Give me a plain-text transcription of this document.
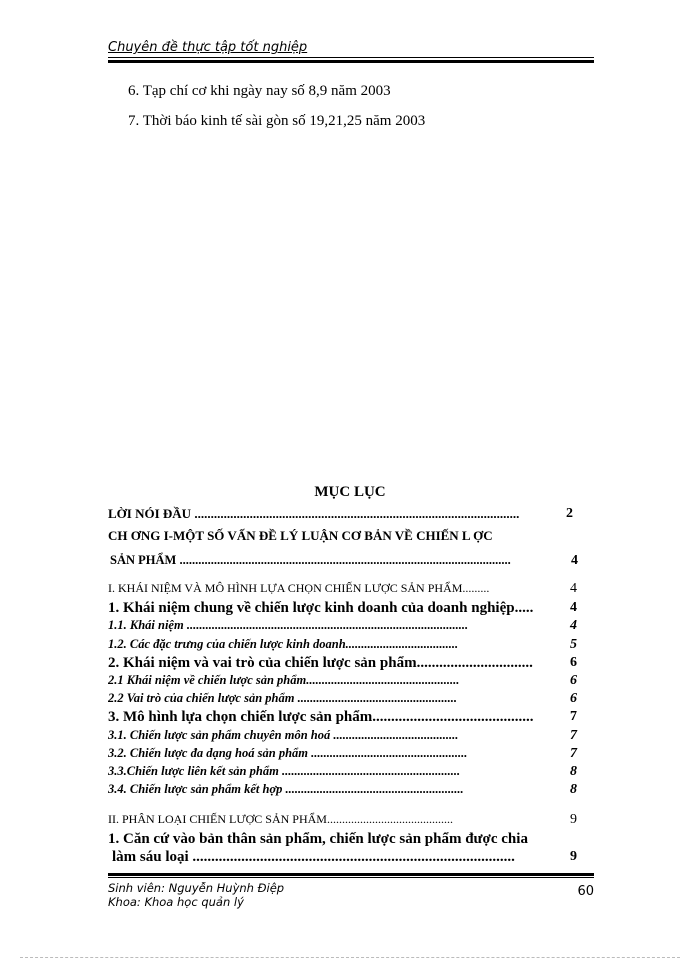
Chuyên đề thực tập tốt nghiệp
6. Tạp chí cơ khi ngày nay số 8,9 năm 2003
7. Thời báo kinh tế sài gòn số 19,21,25 năm 2003
MỤC LỤC
LỜI NÓI ĐẦU ....................................................................................................	2
CH ƠNG I-MỘT SỐ VẤN ĐỀ LÝ LUẬN CƠ BẢN VỀ CHIẾN L ỢC
SẢN PHẨM ..........................................................................................................	4
I. KHÁI NIỆM VÀ MÔ HÌNH LỰA CHỌN CHIẾN LƯỢC SẢN PHẨM.........	4
1. Khái niệm chung về chiến lược kinh doanh của doanh nghiệp.....	4
1.1. Khái niệm ..........................................................................................	4
1.2. Các đặc trưng của chiến lược kinh doanh....................................	5
2. Khái niệm và vai trò của chiến lược sản phẩm...............................	6
2.1 Khái niệm về chiến lược sản phẩm.................................................	6
2.2 Vai trò của chiến lược sản phẩm ...................................................	6
3. Mô hình lựa chọn chiến lược sản phẩm...........................................	7
3.1. Chiến lược sản phẩm chuyên môn hoá ........................................	7
3.2. Chiến lược đa dạng hoá sản phẩm ..................................................	7
3.3.Chiến lược liên kết sản phẩm .........................................................	8
3.4. Chiến lược sản phẩm kết hợp .........................................................	8
II. PHÂN LOẠI CHIẾN LƯỢC SẢN PHẨM..........................................	9
1. Căn cứ vào bản thân sản phẩm, chiến lược sản phẩm được chia
làm sáu loại ......................................................................................	9
Sinh viên: Nguyễn Huỳnh Điệp
Khoa: Khoa học quản lý
60
